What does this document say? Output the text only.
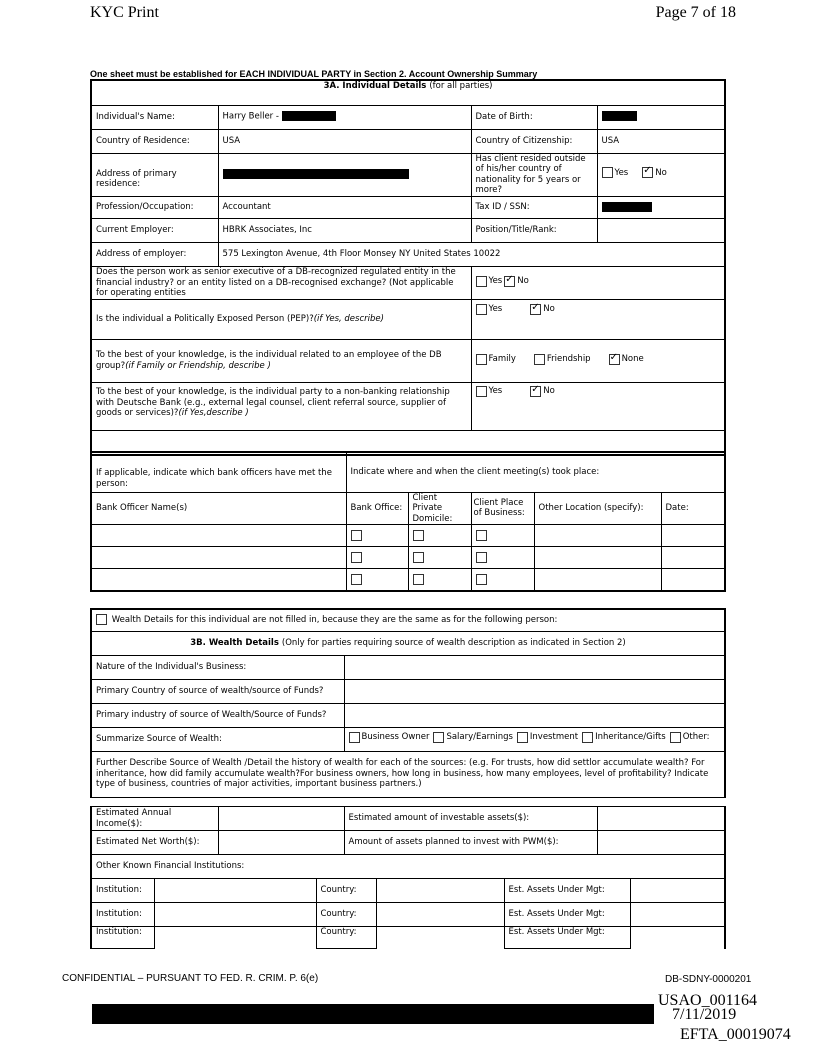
KYC Print	Page 7 of 18
One sheet must be established for EACH INDIVIDUAL PARTY in Section 2. Account Ownership Summary
3A. Individual Details (for all parties)			
Individual's Name:	Harry Beller -	Date of Birth:	
Country of Residence:	USA	Country of Citizenship:	USA
Address of primary residence:		Has client resided outside of his/her country of nationality for 5 years or more?	Yes ✓ No

Profession/Occupation:	Accountant	Tax ID / SSN:	
Current Employer:	HBRK Associates, Inc	Position/Title/Rank:	
Address of employer:	575 Lexington Avenue, 4th Floor Monsey NY United States 10022		
Does the person work as senior executive of a DB-recognized regulated entity in the financial industry? or an entity listed on a DB-recognised exchange? (Not applicable for operating entities		Yes ✓ No

Is the individual a Politically Exposed Person (PEP)?(if Yes, describe)		Yes ✓ No

To the best of your knowledge, is the individual related to an employee of the DB group?(if Family or Friendship, describe )		Family Friendship ✓ None

To the best of your knowledge, is the individual party to a non-banking relationship with Deutsche Bank (e.g., external legal counsel, client referral source, supplier of goods or services)?(if Yes,describe )		Yes ✓ No

If applicable, indicate which bank officers have met the person:	Indicate where and when the client meeting(s) took place:				
Bank Officer Name(s)	Bank Office:	Client Private Domicile:	Client Place of Business:	Other Location (specify):	Date:

Wealth Details for this individual are not filled in, because they are the same as for the following person:	
3B. Wealth Details (Only for parties requiring source of wealth description as indicated in Section 2)	
Nature of the Individual's Business:	
Primary Country of source of wealth/source of Funds?	
Primary industry of source of Wealth/Source of Funds?	
Summarize Source of Wealth:	Business Owner Salary/Earnings Investment Inheritance/Gifts Other:

Further Describe Source of Wealth /Detail the history of wealth for each of the sources: (e.g. For trusts, how did settlor accumulate wealth? For inheritance, how did family accumulate wealth?For business owners, how long in business, how many employees, level of profitability? Indicate type of business, countries of major activities, important business partners.)	
Estimated Annual Income($):		Estimated amount of investable assets($):	
Estimated Net Worth($):		Amount of assets planned to invest with PWM($):	
Other Known Financial Institutions:			
Institution:		Country:		Est. Assets Under Mgt:	
Institution:		Country:		Est. Assets Under Mgt:	
Institution:		Country:		Est. Assets Under Mgt:	
CONFIDENTIAL – PURSUANT TO FED. R. CRIM. P. 6(e)	DB-SDNY-0000201
USAO_001164
7/11/2019
EFTA_00019074
